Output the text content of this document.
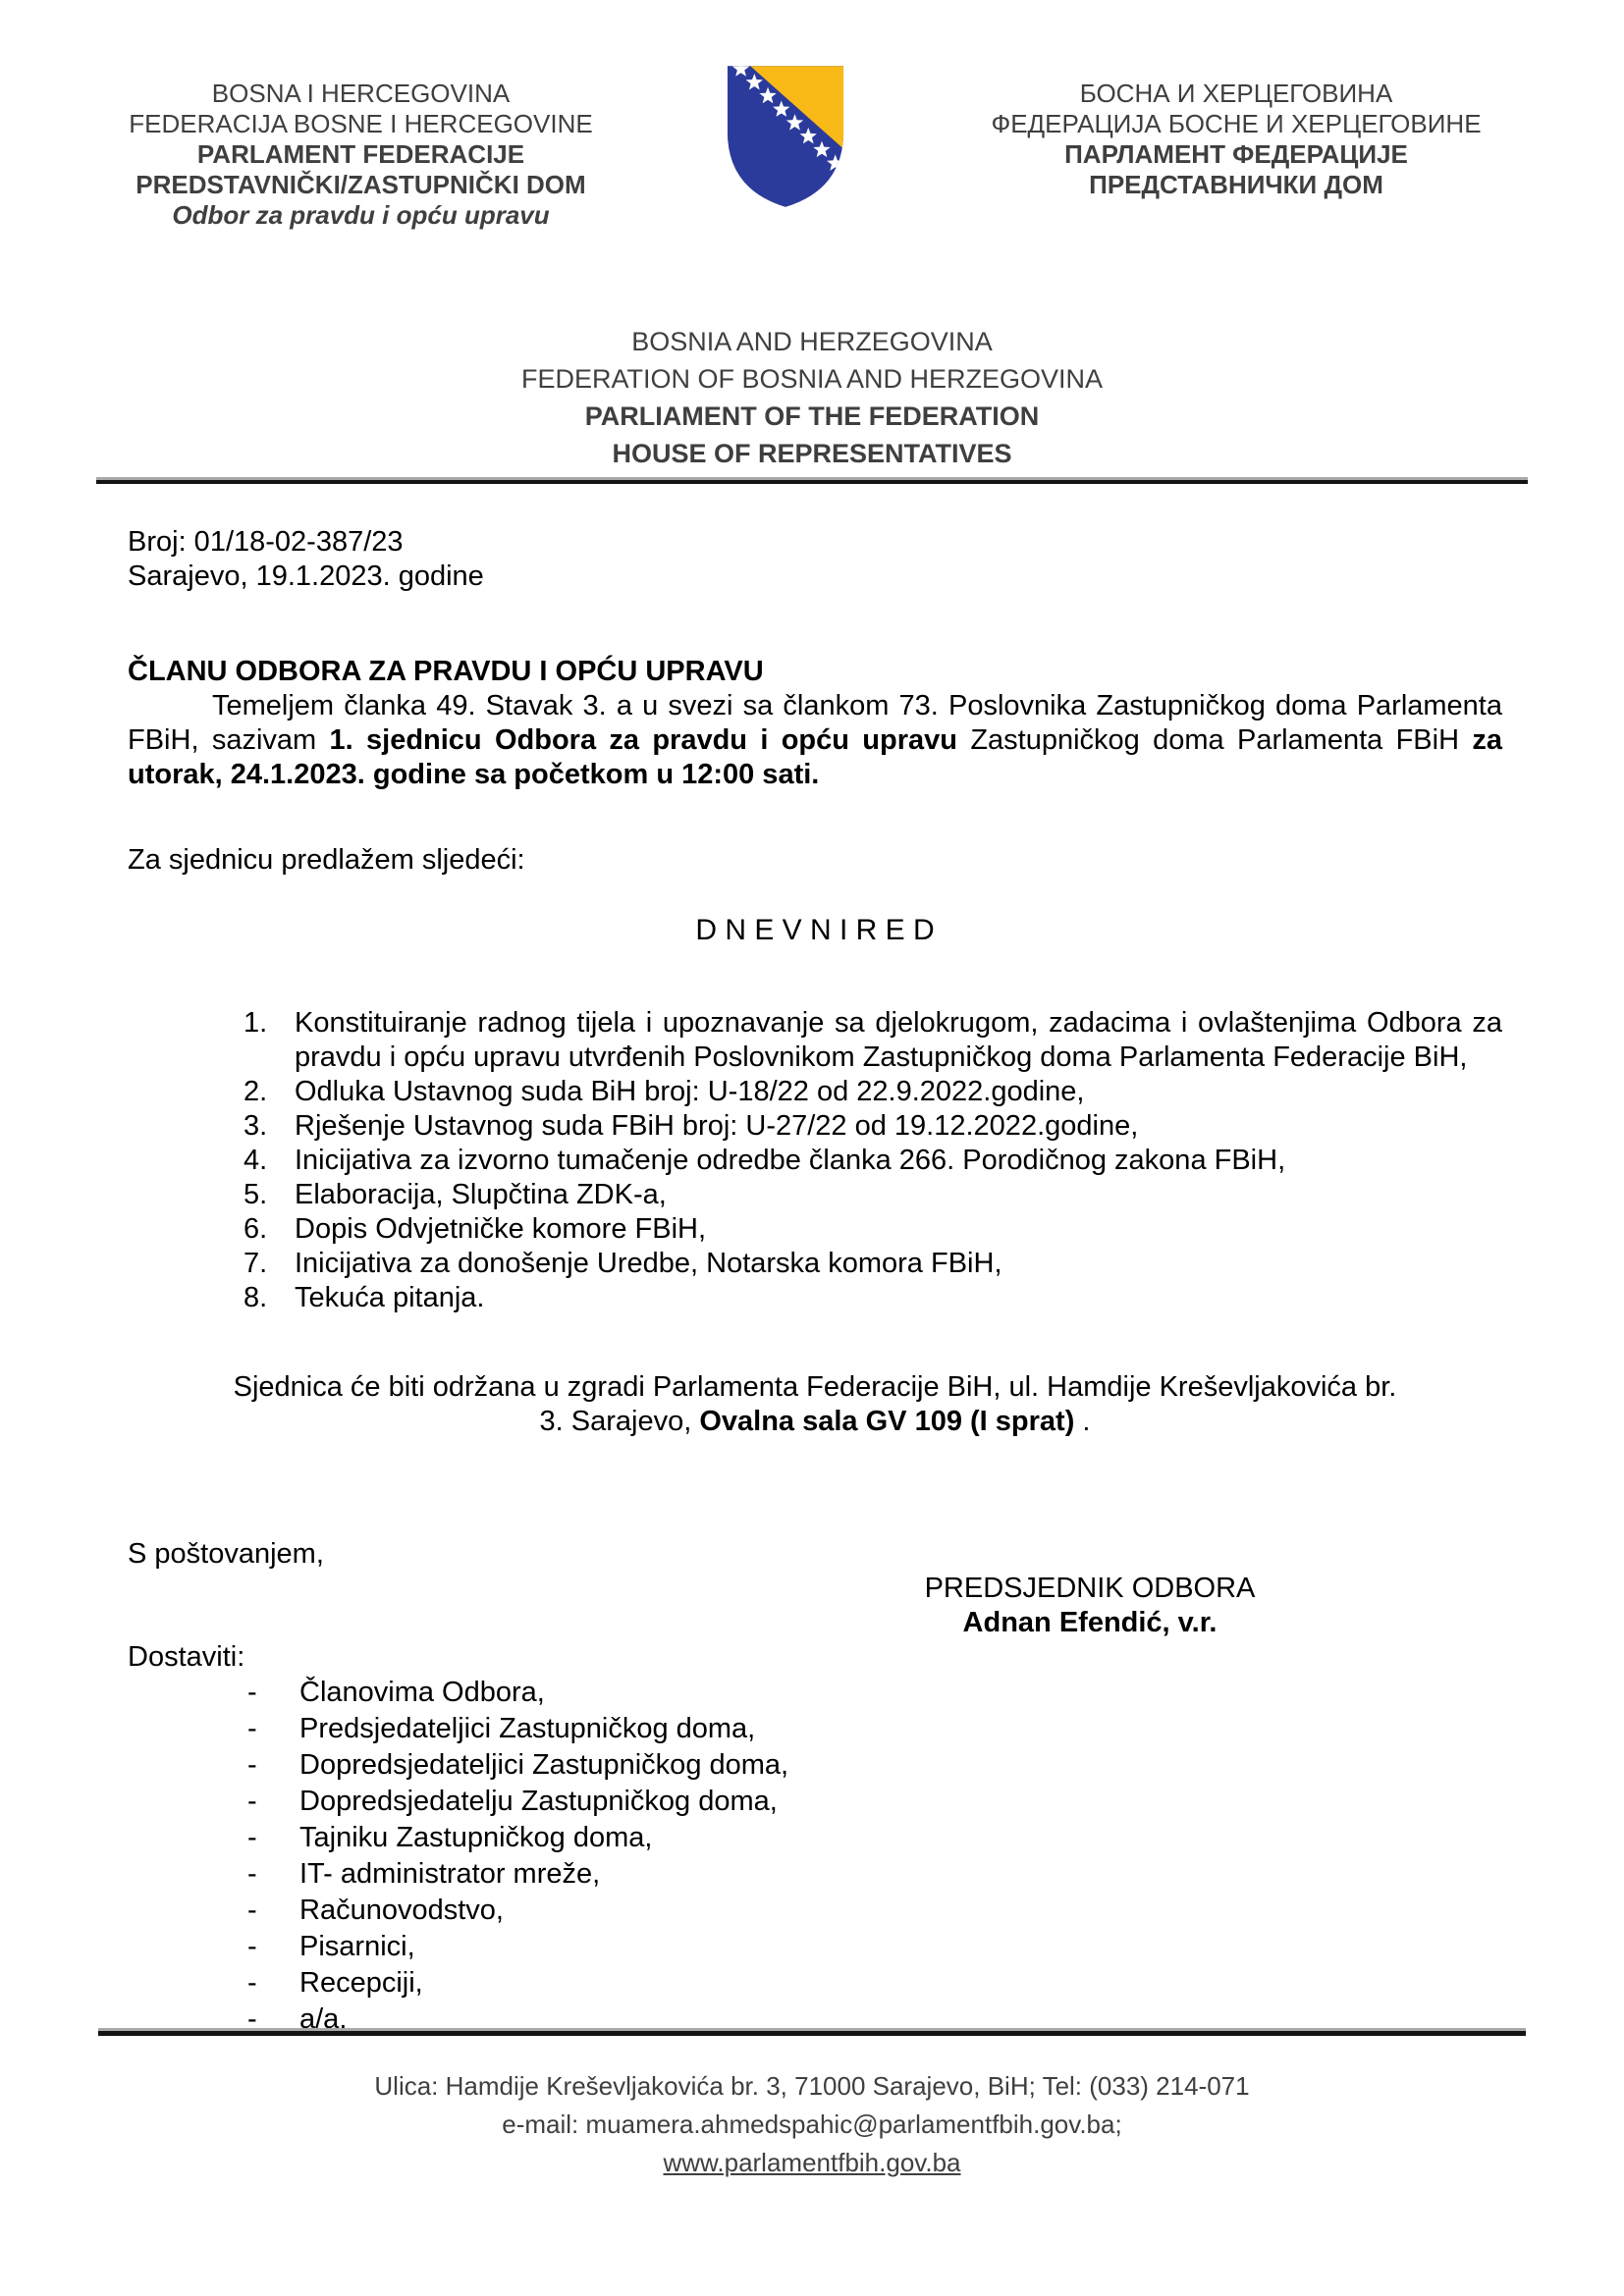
BOSNA I HERCEGOVINA
FEDERACIJA BOSNE I HERCEGOVINE
PARLAMENT FEDERACIJE
PREDSTAVNIČKI/ZASTUPNIČKI DOM
Odbor za pravdu i opću upravu
БОСНА И ХЕРЦЕГОВИНА
ФЕДЕРАЦИЈА БОСНЕ И ХЕРЦЕГОВИНЕ
ПАРЛАМЕНТ ФЕДЕРАЦИЈЕ
ПРЕДСТАВНИЧКИ ДОМ
BOSNIA AND HERZEGOVINA
FEDERATION OF BOSNIA AND HERZEGOVINA
PARLIAMENT OF THE FEDERATION
HOUSE OF REPRESENTATIVES
Broj: 01/18-02-387/23
Sarajevo, 19.1.2023. godine
ČLANU ODBORA ZA PRAVDU I OPĆU UPRAVU
Temeljem članka 49. Stavak 3. a u svezi sa člankom 73. Poslovnika Zastupničkog doma Parlamenta FBiH, sazivam 1. sjednicu Odbora za pravdu i opću upravu Zastupničkog doma Parlamenta FBiH za utorak, 24.1.2023. godine sa početkom u 12:00 sati.
Za sjednicu predlažem sljedeći:
D N E V N I R E D
1. Konstituiranje radnog tijela i upoznavanje sa djelokrugom, zadacima i ovlaštenjima Odbora za pravdu i opću upravu utvrđenih Poslovnikom Zastupničkog doma Parlamenta Federacije BiH,
2. Odluka Ustavnog suda BiH broj: U-18/22 od 22.9.2022.godine,
3. Rješenje Ustavnog suda FBiH broj: U-27/22 od 19.12.2022.godine,
4. Inicijativa za izvorno tumačenje odredbe članka 266. Porodičnog zakona FBiH,
5. Elaboracija, Slupčtina ZDK-a,
6. Dopis Odvjetničke komore FBiH,
7. Inicijativa za donošenje Uredbe, Notarska komora FBiH,
8. Tekuća pitanja.
Sjednica će biti održana u zgradi Parlamenta Federacije BiH, ul. Hamdije Kreševljakovića br.
3. Sarajevo, Ovalna sala GV 109 (I sprat) .
S poštovanjem,
PREDSJEDNIK ODBORA
Adnan Efendić, v.r.
Dostaviti:
-	Članovima Odbora,
-	Predsjedateljici Zastupničkog doma,
-	Dopredsjedateljici Zastupničkog doma,
-	Dopredsjedatelju Zastupničkog doma,
-	Tajniku Zastupničkog doma,
-	IT- administrator mreže,
-	Računovodstvo,
-	Pisarnici,
-	Recepciji,
-	a/a.
Ulica: Hamdije Kreševljakovića br. 3, 71000 Sarajevo, BiH; Tel: (033) 214-071
e-mail: muamera.ahmedspahic@parlamentfbih.gov.ba;
www.parlamentfbih.gov.ba
